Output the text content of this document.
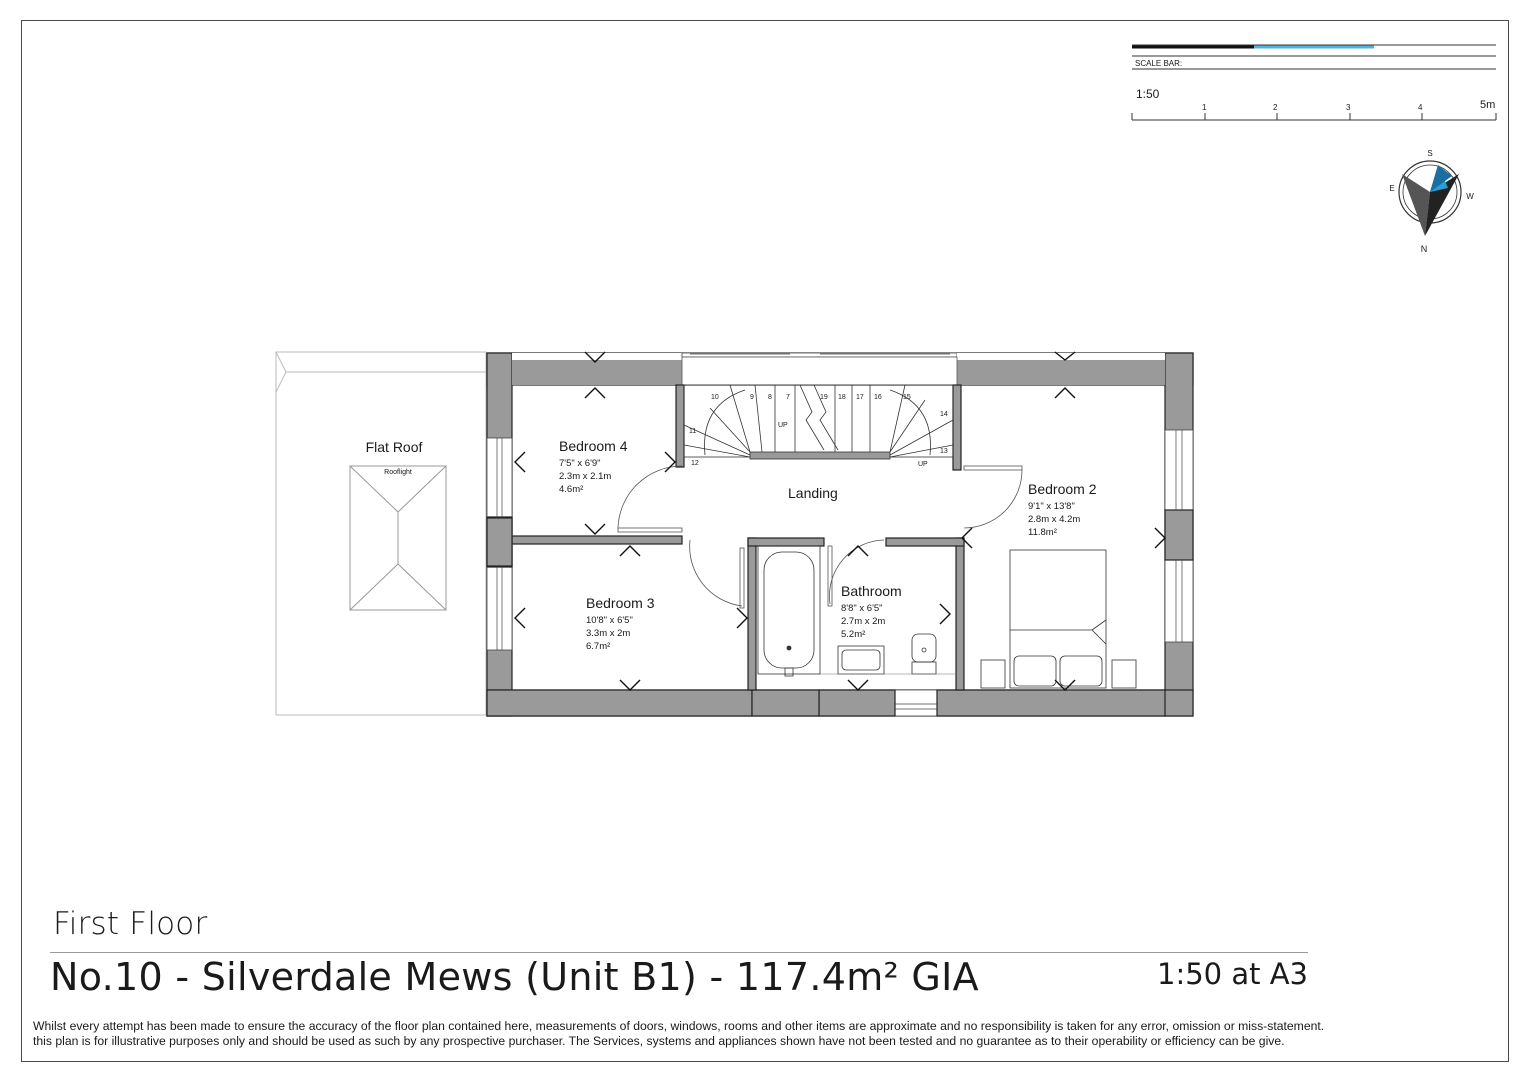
SCALE BAR:
1:50
5m
1	2	3	4
S
E
W
N
Flat Roof
Rooflight
10	9 8 7	19 18 17 16	15
11
12
14
13
UP
UP
Bedroom 4
7'5" x 6'9"
2.3m x 2.1m
4.6m²
Bedroom 3
10'8" x 6'5"
3.3m x 2m
6.7m²
Bathroom
8'8" x 6'5"
2.7m x 2m
5.2m²
Bedroom 2
9'1" x 13'8"
2.8m x 4.2m
11.8m²
Landing
First Floor
No.10 - Silverdale Mews (Unit B1) - 117.4m² GIA	1:50 at A3
Whilst every attempt has been made to ensure the accuracy of the floor plan contained here, measurements of doors, windows, rooms and other items are approximate and no responsibility is taken for any error, omission or miss-statement.
this plan is for illustrative purposes only and should be used as such by any prospective purchaser. The Services, systems and appliances shown have not been tested and no guarantee as to their operability or efficiency can be give.
